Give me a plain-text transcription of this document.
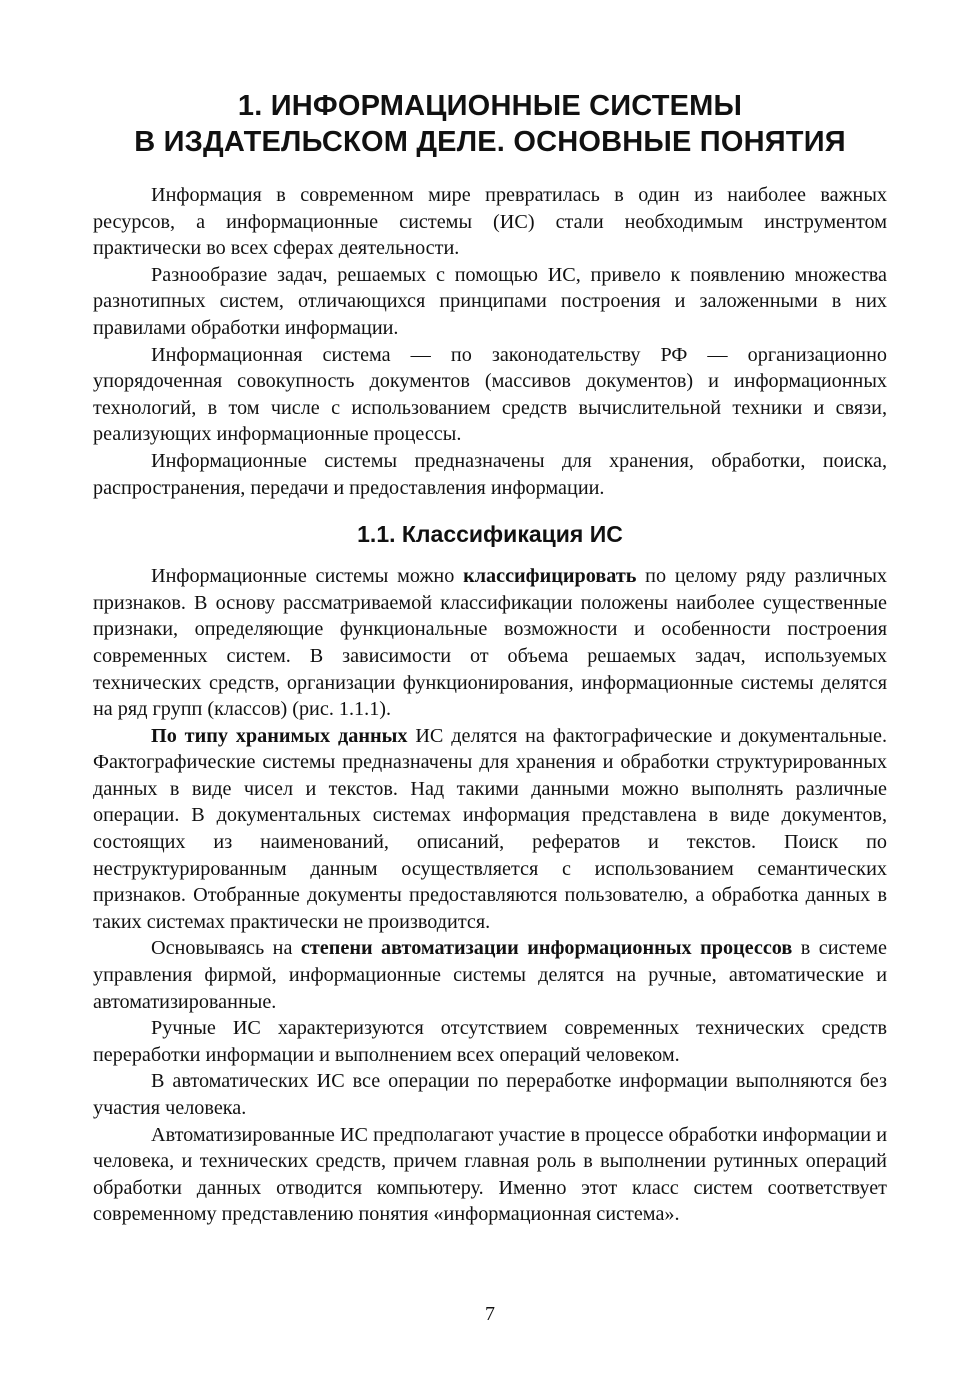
1. ИНФОРМАЦИОННЫЕ СИСТЕМЫ
В ИЗДАТЕЛЬСКОМ ДЕЛЕ. ОСНОВНЫЕ ПОНЯТИЯ

Информация в современном мире превратилась в один из наиболее важных ресурсов, а информационные системы (ИС) стали необходимым инструментом практически во всех сферах деятельности.

Разнообразие задач, решаемых с помощью ИС, привело к появлению множества разнотипных систем, отличающихся принципами построения и заложенными в них правилами обработки информации.

Информационная система — по законодательству РФ — организационно упорядоченная совокупность документов (массивов документов) и информационных технологий, в том числе с использованием средств вычислительной техники и связи, реализующих информационные процессы.

Информационные системы предназначены для хранения, обработки, поиска, распространения, передачи и предоставления информации.

1.1. Классификация ИС

Информационные системы можно классифицировать по целому ряду различных признаков. В основу рассматриваемой классификации положены наиболее существенные признаки, определяющие функциональные возможности и особенности построения современных систем. В зависимости от объема решаемых задач, используемых технических средств, организации функционирования, информационные системы делятся на ряд групп (классов) (рис. 1.1.1).

По типу хранимых данных ИС делятся на фактографические и документальные. Фактографические системы предназначены для хранения и обработки структурированных данных в виде чисел и текстов. Над такими данными можно выполнять различные операции. В документальных системах информация представлена в виде документов, состоящих из наименований, описаний, рефератов и текстов. Поиск по неструктурированным данным осуществляется с использованием семантических признаков. Отобранные документы предоставляются пользователю, а обработка данных в таких системах практически не производится.

Основываясь на степени автоматизации информационных процессов в системе управления фирмой, информационные системы делятся на ручные, автоматические и автоматизированные.

Ручные ИС характеризуются отсутствием современных технических средств переработки информации и выполнением всех операций человеком.

В автоматических ИС все операции по переработке информации выполняются без участия человека.

Автоматизированные ИС предполагают участие в процессе обработки информации и человека, и технических средств, причем главная роль в выполнении рутинных операций обработки данных отводится компьютеру. Именно этот класс систем соответствует современному представлению понятия «информационная система».

7
